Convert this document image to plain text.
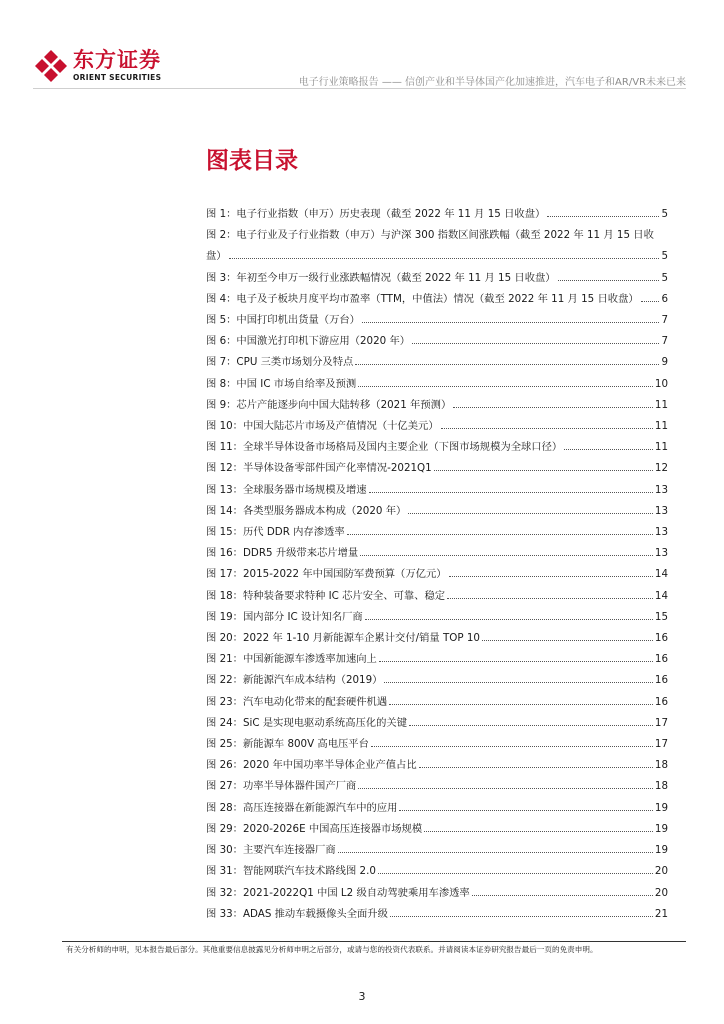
东方证券
ORIENT SECURITIES	电子行业策略报告 —— 信创产业和半导体国产化加速推进，汽车电子和AR/VR未来已来
图表目录
图 1： 电子行业指数（申万）历史表现（截至 2022 年 11 月 15 日收盘）	5
图 2：电子行业及子行业指数（申万）与沪深 300 指数区间涨跌幅（截至 2022 年 11 月 15 日收
盘）	5
图 3： 年初至今申万一级行业涨跌幅情况（截至 2022 年 11 月 15 日收盘）	5
图 4： 电子及子板块月度平均市盈率（TTM，中值法）情况（截至 2022 年 11 月 15 日收盘） 6
图 5： 中国打印机出货量（万台）	7
图 6： 中国激光打印机下游应用（2020 年）	7
图 7： CPU 三类市场划分及特点	9
图 8： 中国 IC 市场自给率及预测	10
图 9： 芯片产能逐步向中国大陆转移（2021 年预测）	11
图 10： 中国大陆芯片市场及产值情况（十亿美元）	11
图 11： 全球半导体设备市场格局及国内主要企业（下图市场规模为全球口径）	11
图 12： 半导体设备零部件国产化率情况-2021Q1	12
图 13： 全球服务器市场规模及增速	13
图 14： 各类型服务器成本构成（2020 年）	13
图 15： 历代 DDR 内存渗透率	13
图 16： DDR5 升级带来芯片增量	13
图 17： 2015-2022 年中国国防军费预算（万亿元）	14
图 18： 特种装备要求特种 IC 芯片安全、可靠、稳定	14
图 19： 国内部分 IC 设计知名厂商	15
图 20： 2022 年 1-10 月新能源车企累计交付/销量 TOP 10	16
图 21： 中国新能源车渗透率加速向上	16
图 22： 新能源汽车成本结构（2019）	16
图 23： 汽车电动化带来的配套硬件机遇	16
图 24： SiC 是实现电驱动系统高压化的关键	17
图 25： 新能源车 800V 高电压平台	17
图 26： 2020 年中国功率半导体企业产值占比	18
图 27： 功率半导体器件国产厂商	18
图 28： 高压连接器在新能源汽车中的应用	19
图 29： 2020-2026E 中国高压连接器市场规模	19
图 30： 主要汽车连接器厂商	19
图 31： 智能网联汽车技术路线图 2.0	20
图 32： 2021-2022Q1 中国 L2 级自动驾驶乘用车渗透率	20
图 33： ADAS 推动车载摄像头全面升级	21
有关分析师的申明，见本报告最后部分。其他重要信息披露见分析师申明之后部分，或请与您的投资代表联系。并请阅读本证券研究报告最后一页的免责申明。
3
